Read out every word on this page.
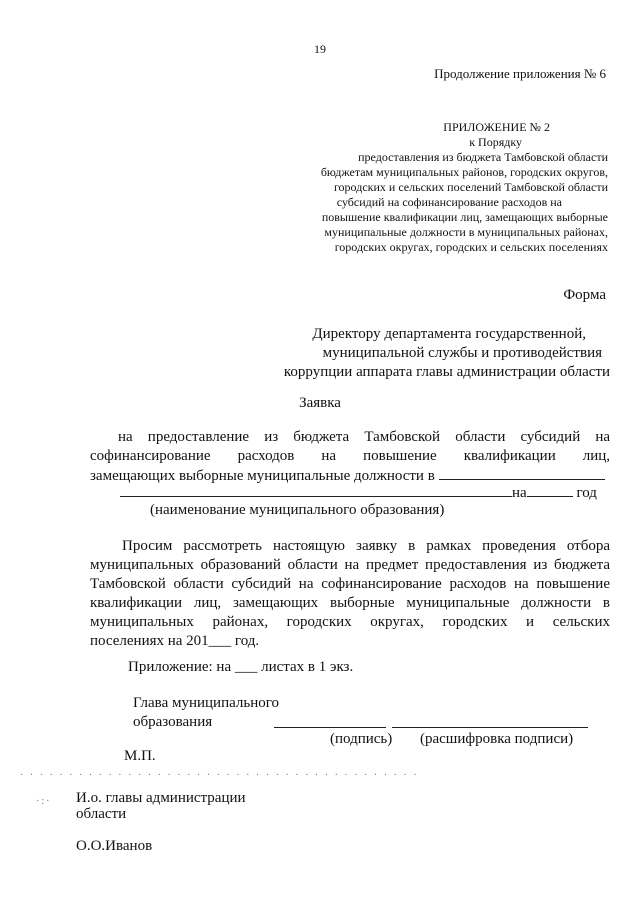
19
Продолжение приложения № 6
ПРИЛОЖЕНИЕ № 2
к Порядку
предоставления из бюджета Тамбовской области
бюджетам муниципальных районов, городских округов,
городских и сельских поселений Тамбовской области
субсидий на софинансирование расходов на
повышение квалификации лиц, замещающих выборные
муниципальные должности в муниципальных районах,
городских округах, городских и сельских поселениях
Форма
Директору департамента государственной,
муниципальной службы и противодействия
коррупции аппарата главы администрации области
Заявка
на предоставление из бюджета Тамбовской области субсидий на
софинансирование расходов на повышение квалификации лиц,
замещающих выборные муниципальные должности в
на	год
(наименование муниципального образования)
Просим рассмотреть настоящую заявку в рамках проведения отбора
муниципальных образований области на предмет предоставления из бюджета
Тамбовской области субсидий на софинансирование расходов на повышение
квалификации лиц, замещающих выборные муниципальные должности в
муниципальных районах, городских округах, городских и сельских
поселениях на 201___ год.
Приложение: на ___ листах в 1 экз.
Глава муниципального
образования
(подпись) (расшифровка подписи)
М.П.
· · · · · · · · · · · · · · · · · · · · · · · · · · · · · · · · · · · · · · · · ·
·:· И.о. главы администрации
области
О.О.Иванов
